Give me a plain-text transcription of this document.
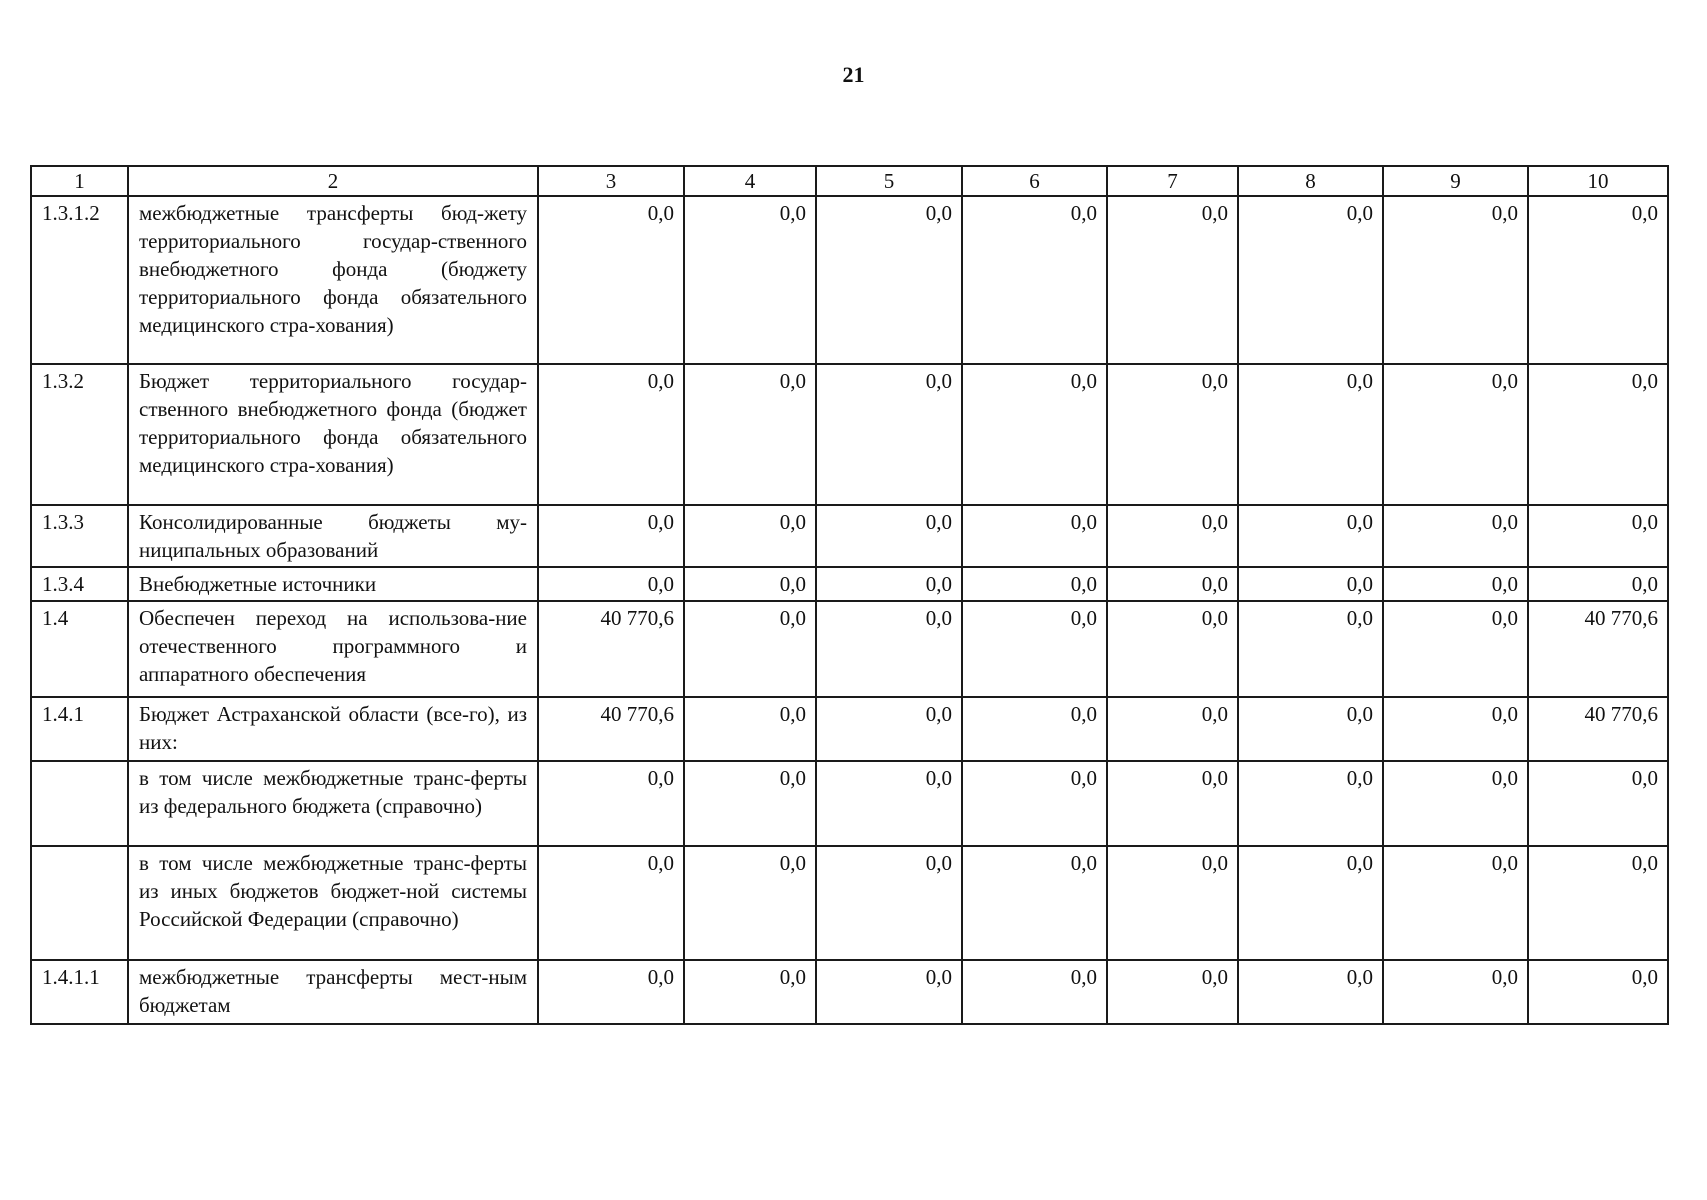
21
1	2	3	4	5	6	7	8	9	10
1.3.1.2	межбюджетные трансферты бюд-жету территориального государ-ственного внебюджетного фонда (бюджету территориального фонда обязательного медицинского стра-хования)	0,0	0,0	0,0	0,0	0,0	0,0	0,0	0,0
1.3.2	Бюджет территориального государ-ственного внебюджетного фонда (бюджет территориального фонда обязательного медицинского стра-хования)	0,0	0,0	0,0	0,0	0,0	0,0	0,0	0,0
1.3.3	Консолидированные бюджеты му-ниципальных образований	0,0	0,0	0,0	0,0	0,0	0,0	0,0	0,0
1.3.4	Внебюджетные источники	0,0	0,0	0,0	0,0	0,0	0,0	0,0	0,0
1.4	Обеспечен переход на использова-ние отечественного программного и аппаратного обеспечения	40 770,6	0,0	0,0	0,0	0,0	0,0	0,0	40 770,6
1.4.1	Бюджет Астраханской области (все-го), из них:	40 770,6	0,0	0,0	0,0	0,0	0,0	0,0	40 770,6
	в том числе межбюджетные транс-ферты из федерального бюджета (справочно)	0,0	0,0	0,0	0,0	0,0	0,0	0,0	0,0
	в том числе межбюджетные транс-ферты из иных бюджетов бюджет-ной системы Российской Федерации (справочно)	0,0	0,0	0,0	0,0	0,0	0,0	0,0	0,0
1.4.1.1	межбюджетные трансферты мест-ным бюджетам	0,0	0,0	0,0	0,0	0,0	0,0	0,0	0,0
